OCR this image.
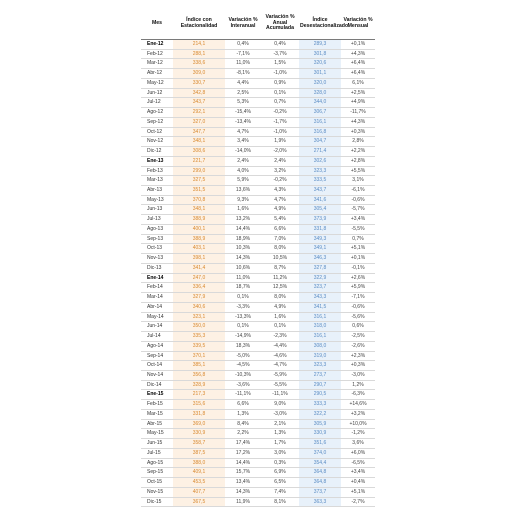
Mes	Índice con Estacionalidad	Variación % Interanual	Variación % Anual Acumulada	Índice Desestacionalizado	Variación % Mensual
Ene-12	214,1	0,4%	0,4%	289,3	+0,1%
Feb-12	288,1	-7,1%	-3,7%	301,8	+4,3%
Mar-12	338,6	11,0%	1,5%	320,6	+6,4%
Abr-12	309,0	-8,1%	-1,0%	301,1	+6,4%
May-12	330,7	4,4%	0,9%	320,0	6,1%
Jun-12	342,8	2,5%	0,1%	328,0	+2,5%
Jul-12	343,7	5,3%	0,7%	344,0	+4,9%
Ago-12	292,1	-15,4%	-0,2%	306,7	-11,7%
Sep-12	327,0	-13,4%	-1,7%	316,1	+4,3%
Oct-12	347,7	4,7%	-1,0%	316,8	+0,3%
Nov-12	348,1	3,4%	1,9%	304,7	2,8%
Dic-12	308,6	-14,0%	-2,0%	271,4	+2,2%
Ene-13	221,7	2,4%	2,4%	302,6	+2,8%
Feb-13	299,0	4,0%	3,2%	323,3	+5,5%
Mar-13	327,5	5,9%	-0,2%	333,5	3,1%
Abr-13	351,5	13,6%	4,3%	343,7	-6,1%
May-13	370,8	9,3%	4,7%	341,6	-0,6%
Jun-13	348,1	1,6%	4,9%	305,4	-5,7%
Jul-13	388,9	13,2%	5,4%	373,9	+3,4%
Ago-13	400,1	14,4%	6,6%	331,8	-5,5%
Sep-13	388,9	18,9%	7,0%	349,3	0,7%
Oct-13	403,1	10,3%	8,0%	349,1	+5,1%
Nov-13	398,1	14,3%	10,5%	346,3	+0,1%
Dic-13	341,4	10,6%	8,7%	327,8	-0,1%
Ene-14	247,0	11,0%	11,2%	322,9	+2,6%
Feb-14	336,4	18,7%	12,5%	323,7	+5,9%
Mar-14	327,9	0,1%	8,0%	343,3	-7,1%
Abr-14	340,6	-3,3%	4,9%	341,5	-0,6%
May-14	323,1	-13,3%	1,6%	316,1	-5,6%
Jun-14	350,0	0,1%	0,1%	318,0	0,6%
Jul-14	335,3	-14,9%	-2,3%	316,1	-2,5%
Ago-14	339,5	18,3%	-4,4%	308,0	-2,6%
Sep-14	370,1	-5,0%	-4,6%	319,0	+2,3%
Oct-14	385,1	-4,5%	-4,7%	323,3	+0,3%
Nov-14	356,8	-10,3%	-5,9%	273,7	-3,0%
Dic-14	328,9	-3,6%	-5,5%	290,7	1,2%
Ene-15	217,3	-11,1%	-11,1%	290,5	-6,3%
Feb-15	315,6	6,6%	9,0%	333,3	+14,6%
Mar-15	331,8	1,3%	-3,0%	322,2	+3,2%
Abr-15	369,0	8,4%	2,1%	305,9	+10,0%
May-15	330,9	2,2%	1,3%	330,9	-1,2%
Jun-15	358,7	17,4%	1,7%	351,6	3,6%
Jul-15	387,5	17,2%	3,0%	374,0	+6,0%
Ago-15	388,0	14,4%	0,3%	354,4	-6,5%
Sep-15	409,1	15,7%	6,9%	364,8	+3,4%
Oct-15	453,5	13,4%	6,5%	364,8	+0,4%
Nov-15	407,7	14,3%	7,4%	373,7	+5,1%
Dic-15	367,5	11,9%	8,1%	363,3	-2,7%
